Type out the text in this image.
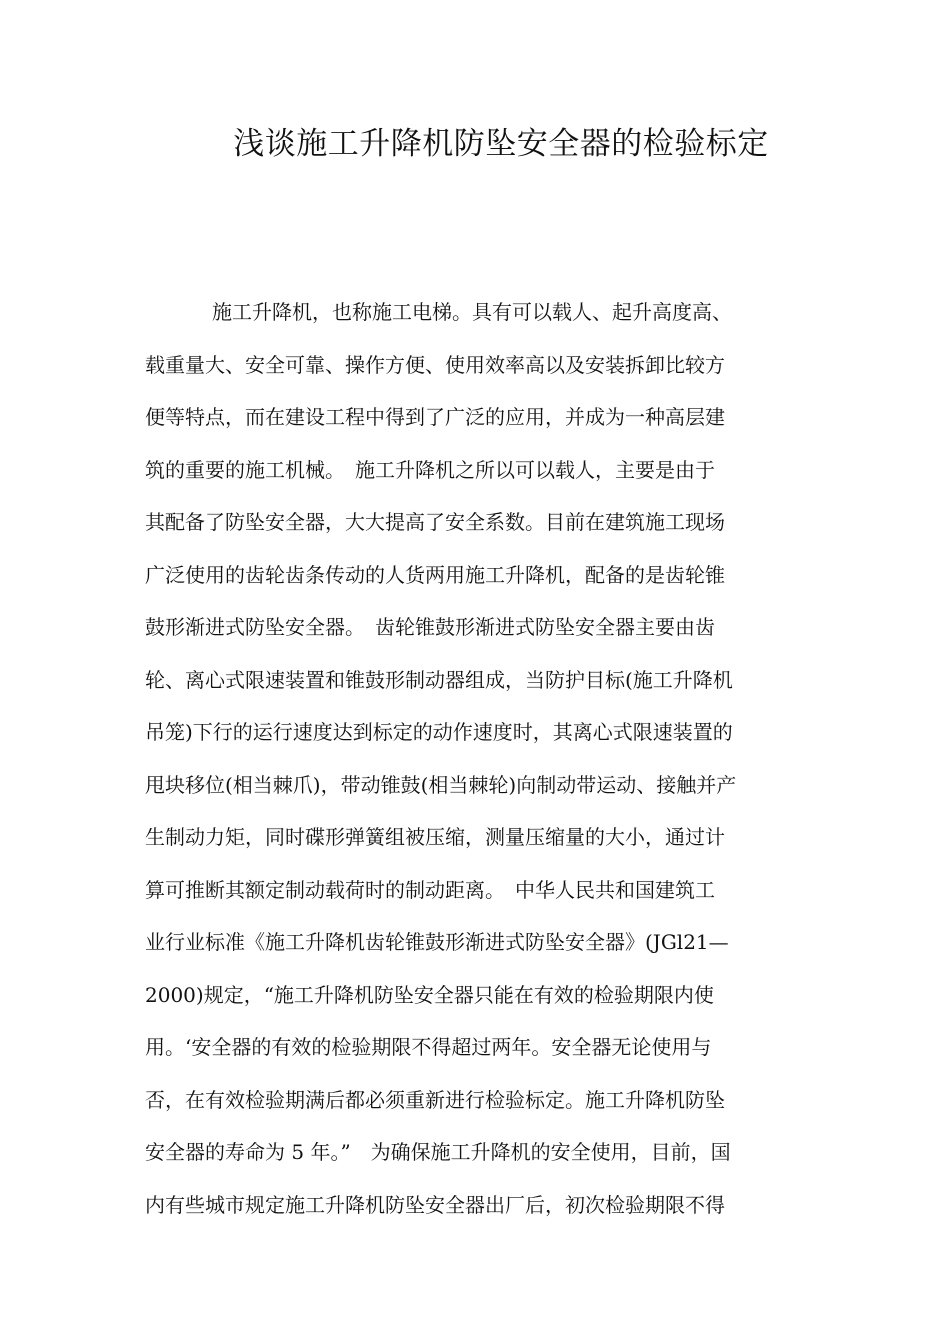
浅谈施工升降机防坠安全器的检验标定
施工升降机，也称施工电梯。具有可以载人、起升高度高、
载重量大、安全可靠、操作方便、使用效率高以及安装拆卸比较方
便等特点，而在建设工程中得到了广泛的应用，并成为一种高层建
筑的重要的施工机械。　施工升降机之所以可以载人，主要是由于
其配备了防坠安全器，大大提高了安全系数。目前在建筑施工现场
广泛使用的齿轮齿条传动的人货两用施工升降机，配备的是齿轮锥
鼓形渐进式防坠安全器。　齿轮锥鼓形渐进式防坠安全器主要由齿
轮、离心式限速装置和锥鼓形制动器组成，当防护目标(施工升降机
吊笼)下行的运行速度达到标定的动作速度时，其离心式限速装置的
甩块移位(相当棘爪)，带动锥鼓(相当棘轮)向制动带运动、接触并产
生制动力矩，同时碟形弹簧组被压缩，测量压缩量的大小，通过计
算可推断其额定制动载荷时的制动距离。　中华人民共和国建筑工
业行业标准《施工升降机齿轮锥鼓形渐进式防坠安全器》(JGl21—
2000)规定，“施工升降机防坠安全器只能在有效的检验期限内使
用。‘安全器的有效的检验期限不得超过两年。安全器无论使用与
否，在有效检验期满后都必须重新进行检验标定。施工升降机防坠
安全器的寿命为 5 年。”　为确保施工升降机的安全使用，目前，国
内有些城市规定施工升降机防坠安全器出厂后，初次检验期限不得
